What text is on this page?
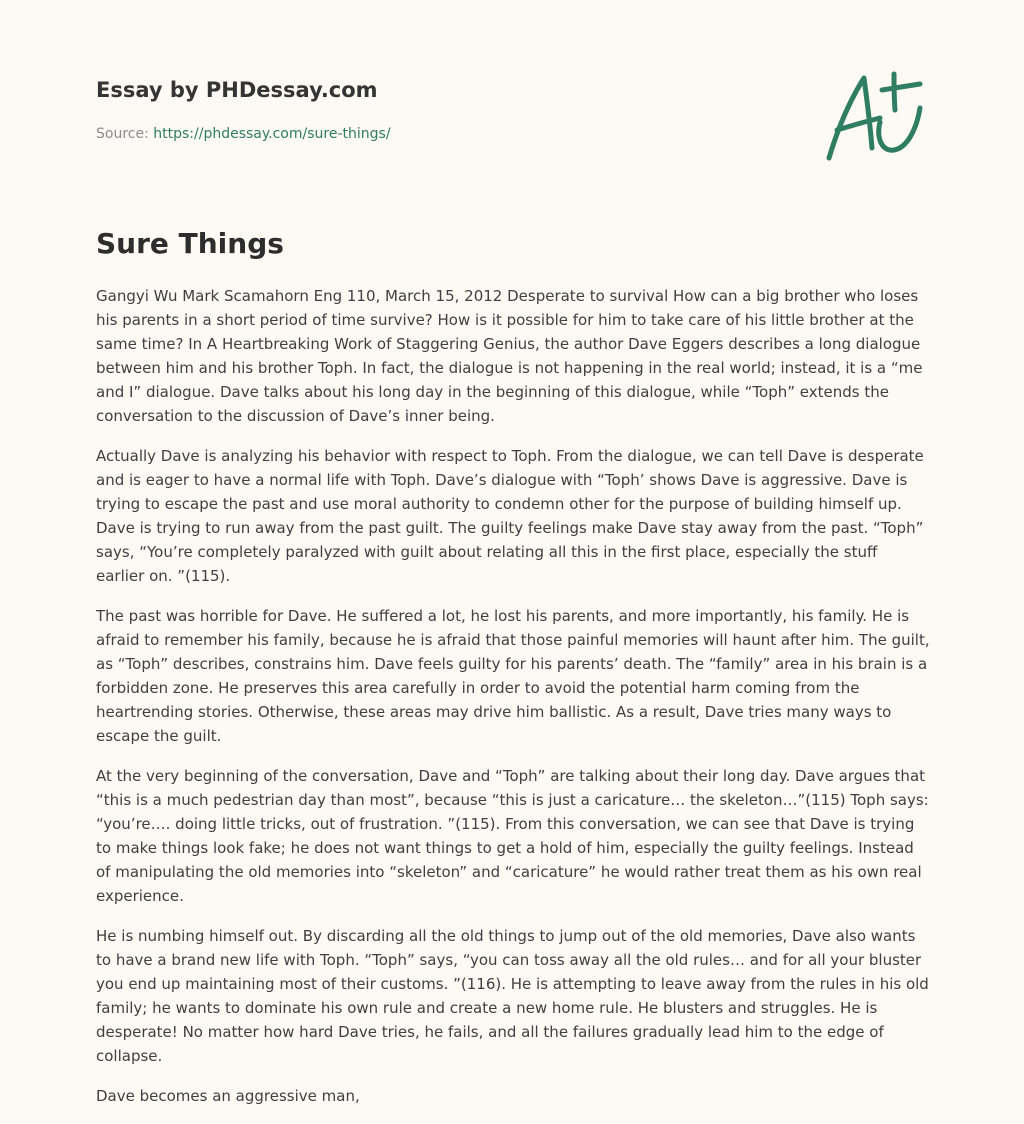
Essay by PHDessay.com
Source: https://phdessay.com/sure-things/
Sure Things

Gangyi Wu Mark Scamahorn Eng 110, March 15, 2012 Desperate to survival How can a big brother who loses his parents in a short period of time survive? How is it possible for him to take care of his little brother at the same time? In A Heartbreaking Work of Staggering Genius, the author Dave Eggers describes a long dialogue between him and his brother Toph. In fact, the dialogue is not happening in the real world; instead, it is a “me and I” dialogue. Dave talks about his long day in the beginning of this dialogue, while “Toph” extends the conversation to the discussion of Dave’s inner being.

Actually Dave is analyzing his behavior with respect to Toph. From the dialogue, we can tell Dave is desperate and is eager to have a normal life with Toph. Dave’s dialogue with “Toph’ shows Dave is aggressive. Dave is trying to escape the past and use moral authority to condemn other for the purpose of building himself up. Dave is trying to run away from the past guilt. The guilty feelings make Dave stay away from the past. “Toph” says, “You’re completely paralyzed with guilt about relating all this in the first place, especially the stuff earlier on. ”(115).

The past was horrible for Dave. He suffered a lot, he lost his parents, and more importantly, his family. He is afraid to remember his family, because he is afraid that those painful memories will haunt after him. The guilt, as “Toph” describes, constrains him. Dave feels guilty for his parents’ death. The “family” area in his brain is a forbidden zone. He preserves this area carefully in order to avoid the potential harm coming from the heartrending stories. Otherwise, these areas may drive him ballistic. As a result, Dave tries many ways to escape the guilt.

At the very beginning of the conversation, Dave and “Toph” are talking about their long day. Dave argues that “this is a much pedestrian day than most”, because “this is just a caricature… the skeleton…”(115) Toph says: “you’re…. doing little tricks, out of frustration. ”(115). From this conversation, we can see that Dave is trying to make things look fake; he does not want things to get a hold of him, especially the guilty feelings. Instead of manipulating the old memories into “skeleton” and “caricature” he would rather treat them as his own real experience.

He is numbing himself out. By discarding all the old things to jump out of the old memories, Dave also wants to have a brand new life with Toph. “Toph” says, “you can toss away all the old rules… and for all your bluster you end up maintaining most of their customs. ”(116). He is attempting to leave away from the rules in his old family; he wants to dominate his own rule and create a new home rule. He blusters and struggles. He is desperate! No matter how hard Dave tries, he fails, and all the failures gradually lead him to the edge of collapse.

Dave becomes an aggressive man,
